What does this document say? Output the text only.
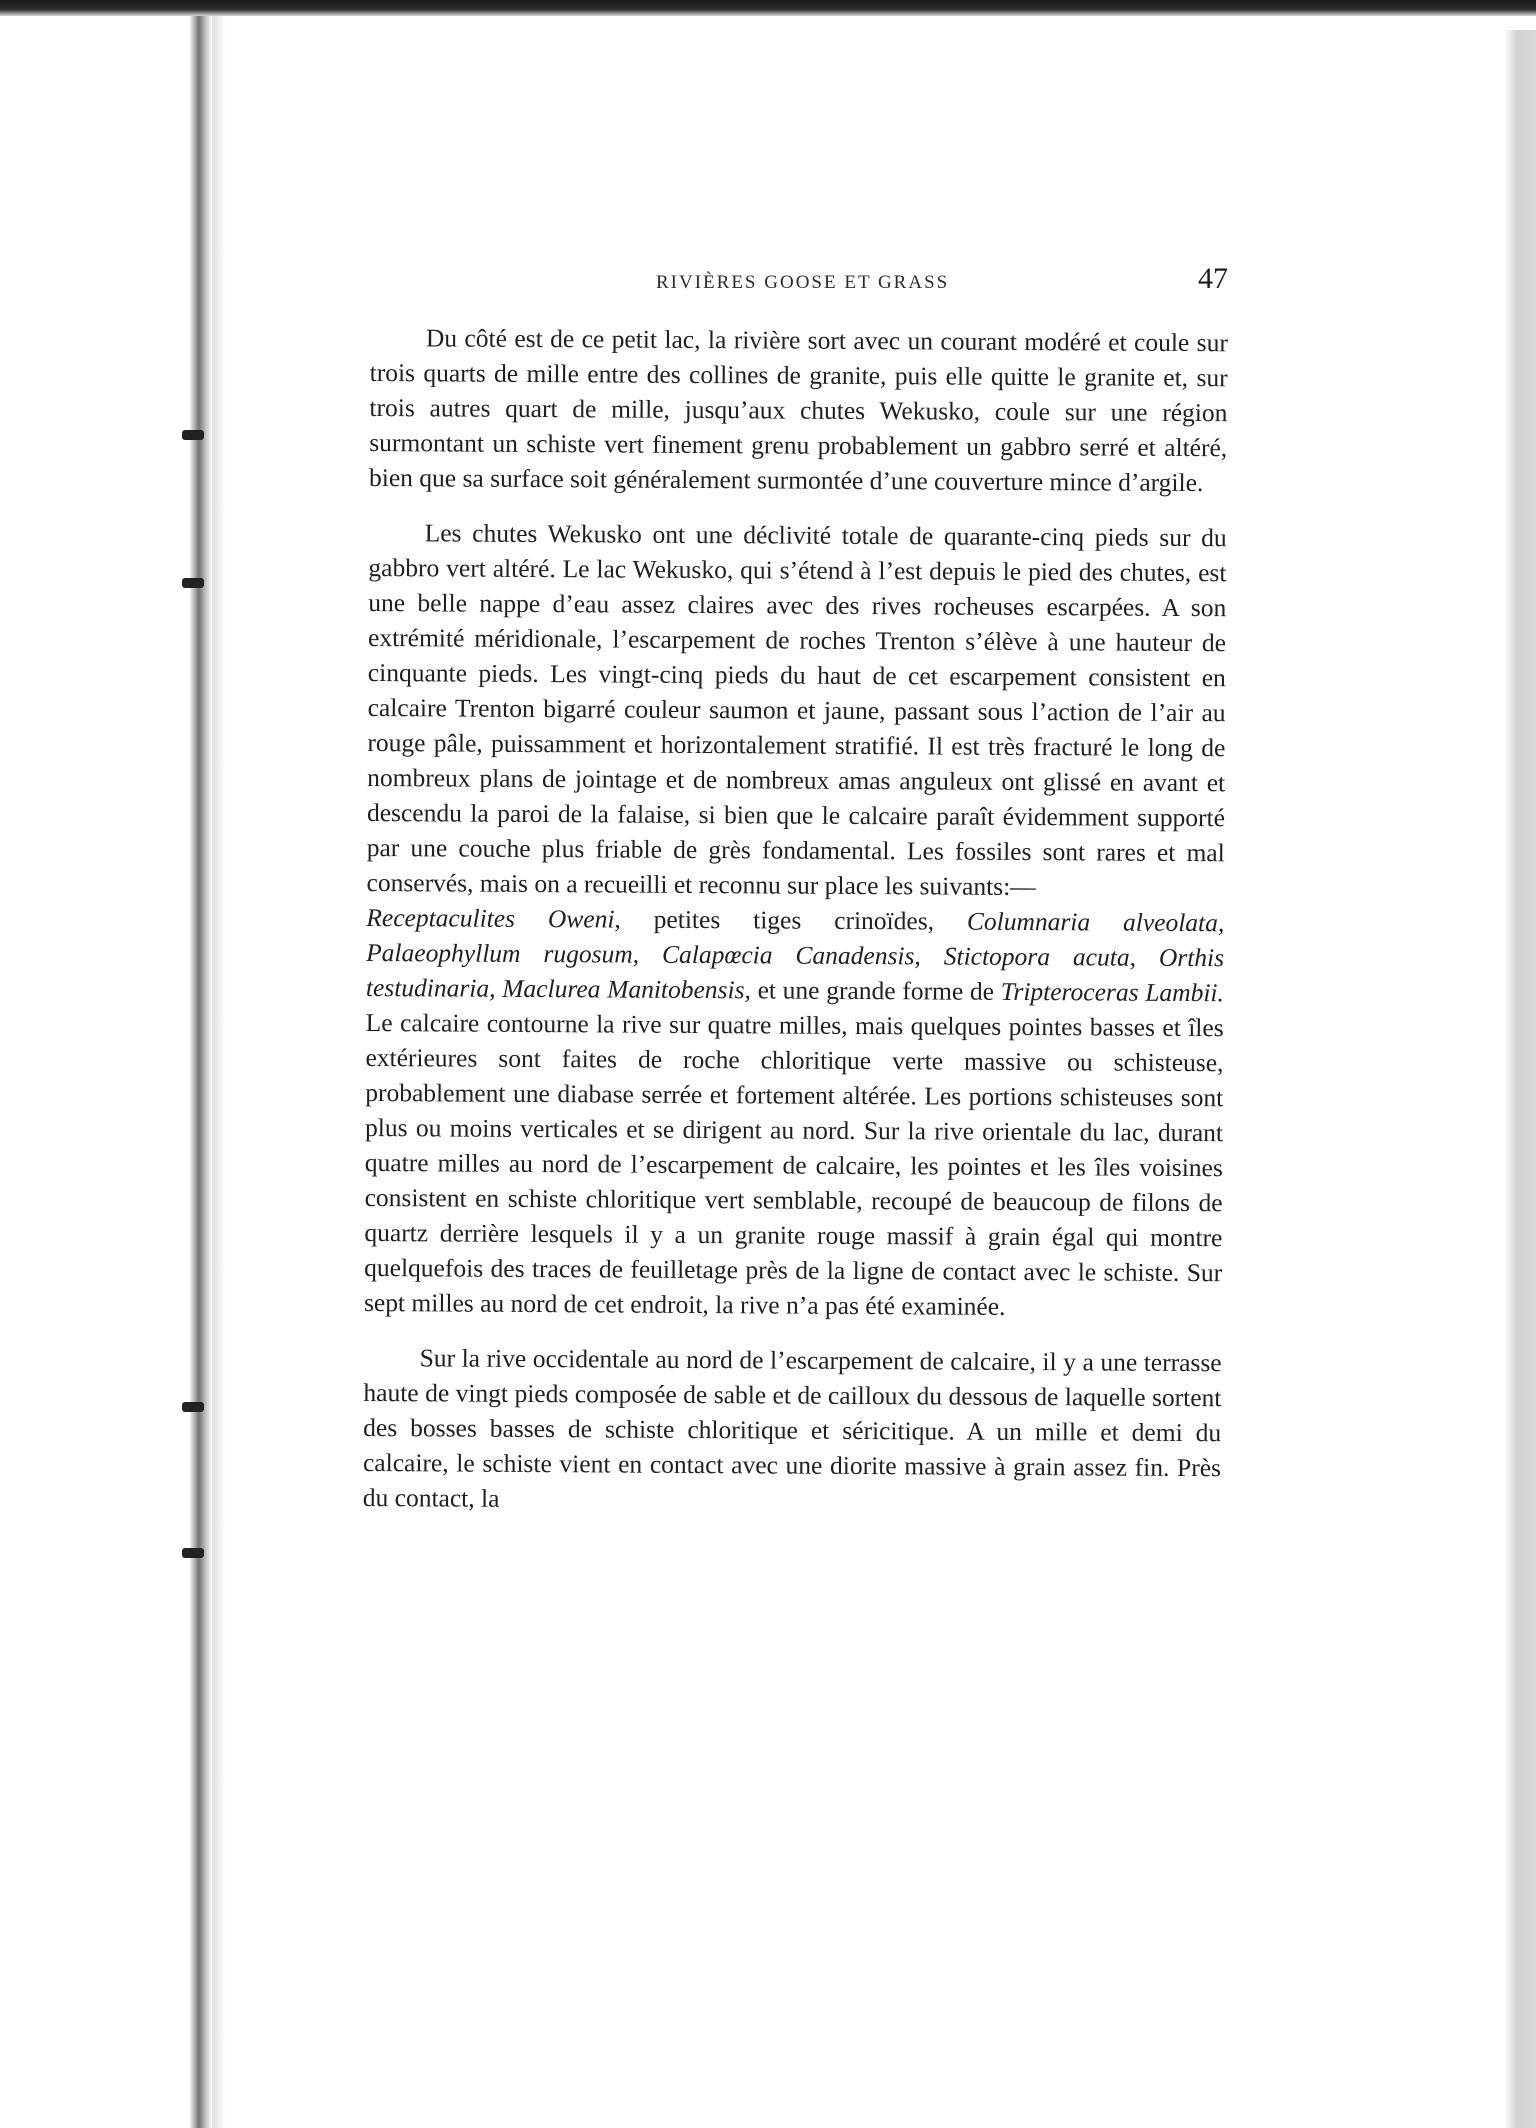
RIVIÈRES GOOSE ET GRASS	47

Du côté est de ce petit lac, la rivière sort avec un courant modéré et coule sur trois quarts de mille entre des collines de granite, puis elle quitte le granite et, sur trois autres quart de mille, jusqu’aux chutes Wekusko, coule sur une région surmontant un schiste vert finement grenu probablement un gabbro serré et altéré, bien que sa surface soit généralement surmontée d’une couverture mince d’argile.

Les chutes Wekusko ont une déclivité totale de quarante-cinq pieds sur du gabbro vert altéré. Le lac Wekusko, qui s’étend à l’est depuis le pied des chutes, est une belle nappe d’eau assez claires avec des rives rocheuses escarpées. A son extrémité méridionale, l’escarpement de roches Trenton s’élève à une hauteur de cinquante pieds. Les vingt-cinq pieds du haut de cet escarpement consistent en calcaire Trenton bigarré couleur saumon et jaune, passant sous l’action de l’air au rouge pâle, puissamment et horizontalement stratifié. Il est très fracturé le long de nombreux plans de jointage et de nombreux amas anguleux ont glissé en avant et descendu la paroi de la falaise, si bien que le calcaire paraît évidemment supporté par une couche plus friable de grès fondamental. Les fossiles sont rares et mal conservés, mais on a recueilli et reconnu sur place les suivants:—
Receptaculites Oweni, petites tiges crinoïdes, Columnaria alveolata, Palaeophyllum rugosum, Calapœcia Canadensis, Stictopora acuta, Orthis testudinaria, Maclurea Manitobensis, et une grande forme de Tripteroceras Lambii. Le calcaire contourne la rive sur quatre milles, mais quelques pointes basses et îles extérieures sont faites de roche chloritique verte massive ou schisteuse, probablement une diabase serrée et fortement altérée. Les portions schisteuses sont plus ou moins verticales et se dirigent au nord. Sur la rive orientale du lac, durant quatre milles au nord de l’escarpement de calcaire, les pointes et les îles voisines consistent en schiste chloritique vert semblable, recoupé de beaucoup de filons de quartz derrière lesquels il y a un granite rouge massif à grain égal qui montre quelquefois des traces de feuilletage près de la ligne de contact avec le schiste. Sur sept milles au nord de cet endroit, la rive n’a pas été examinée.

Sur la rive occidentale au nord de l’escarpement de calcaire, il y a une terrasse haute de vingt pieds composée de sable et de cailloux du dessous de laquelle sortent des bosses basses de schiste chloritique et séricitique. A un mille et demi du calcaire, le schiste vient en contact avec une diorite massive à grain assez fin. Près du contact, la
